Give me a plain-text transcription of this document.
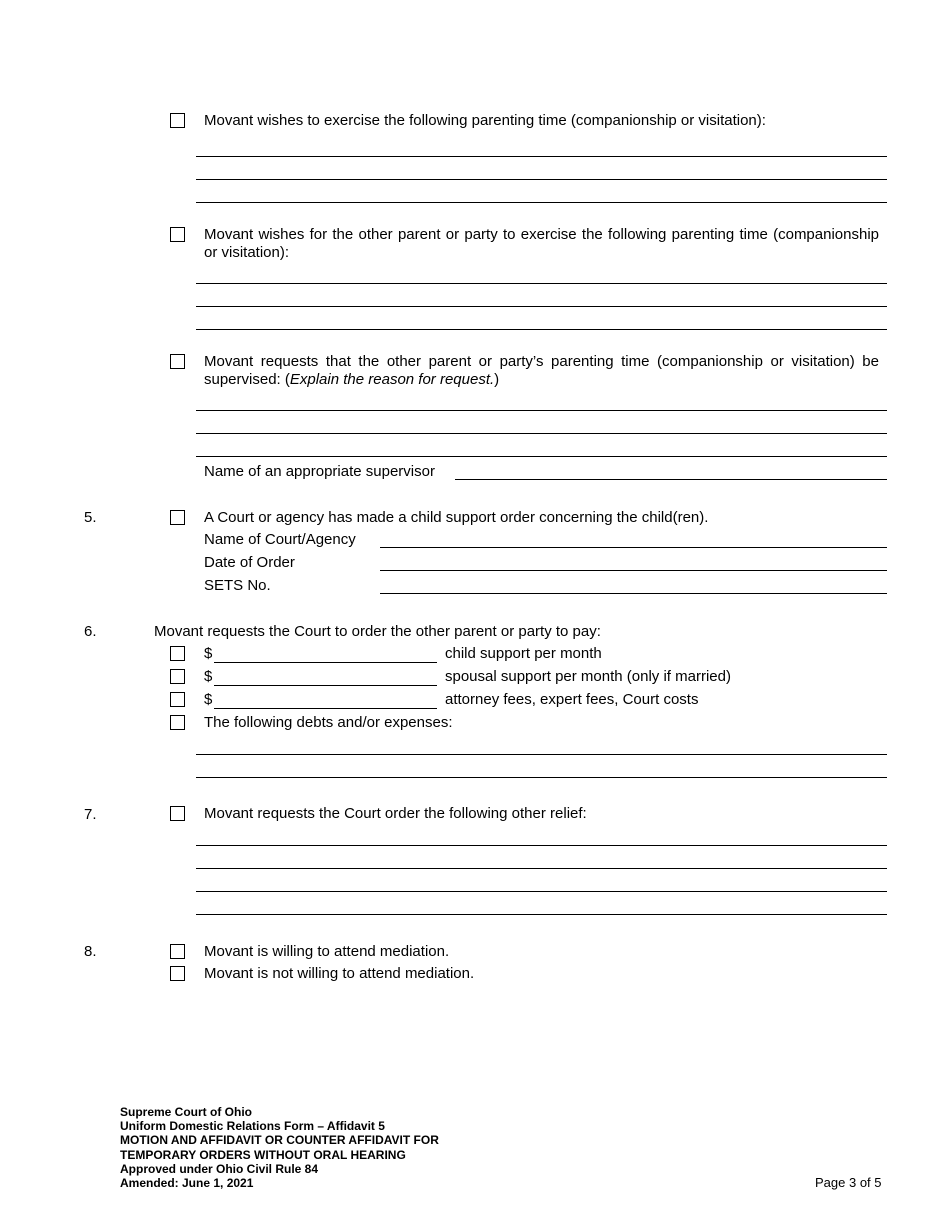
Movant wishes to exercise the following parenting time (companionship or visitation):
Movant wishes for the other parent or party to exercise the following parenting time (companionship or visitation):
Movant requests that the other parent or party’s parenting time (companionship or visitation) be supervised: (Explain the reason for request.)
Name of an appropriate supervisor
5.	A Court or agency has made a child support order concerning the child(ren).
Name of Court/Agency
Date of Order
SETS No.
6.	Movant requests the Court to order the other parent or party to pay:
$	child support per month
$	spousal support per month (only if married)
$	attorney fees, expert fees, Court costs
The following debts and/or expenses:
7.	Movant requests the Court order the following other relief:
8.	Movant is willing to attend mediation.
Movant is not willing to attend mediation.
Supreme Court of Ohio
Uniform Domestic Relations Form – Affidavit 5
MOTION AND AFFIDAVIT OR COUNTER AFFIDAVIT FOR
TEMPORARY ORDERS WITHOUT ORAL HEARING
Approved under Ohio Civil Rule 84
Amended: June 1, 2021	Page 3 of 5
